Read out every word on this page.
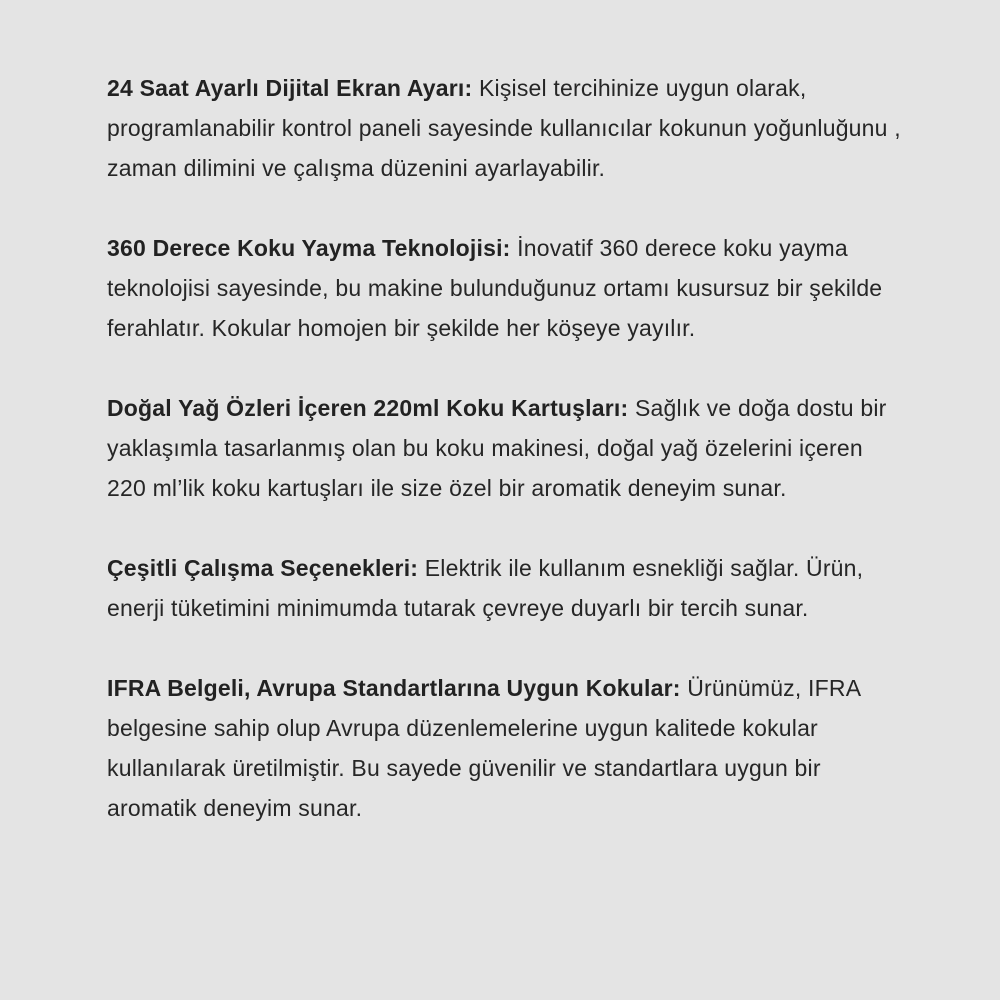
24 Saat Ayarlı Dijital Ekran Ayarı: Kişisel tercihinize uygun olarak, programlanabilir kontrol paneli sayesinde kullanıcılar kokunun yoğunluğunu , zaman dilimini ve çalışma düzenini ayarlayabilir.

360 Derece Koku Yayma Teknolojisi: İnovatif 360 derece koku yayma teknolojisi sayesinde, bu makine bulunduğunuz ortamı kusursuz bir şekilde ferahlatır. Kokular homojen bir şekilde her köşeye yayılır.

Doğal Yağ Özleri İçeren 220ml Koku Kartuşları: Sağlık ve doğa dostu bir yaklaşımla tasarlanmış olan bu koku makinesi, doğal yağ özelerini içeren 220 ml’lik koku kartuşları ile size özel bir aromatik deneyim sunar.

Çeşitli Çalışma Seçenekleri: Elektrik ile kullanım esnekliği sağlar. Ürün, enerji tüketimini minimumda tutarak çevreye duyarlı bir tercih sunar.

IFRA Belgeli, Avrupa Standartlarına Uygun Kokular: Ürünümüz, IFRA belgesine sahip olup Avrupa düzenlemelerine uygun kalitede kokular kullanılarak üretilmiştir. Bu sayede güvenilir ve standartlara uygun bir aromatik deneyim sunar.
